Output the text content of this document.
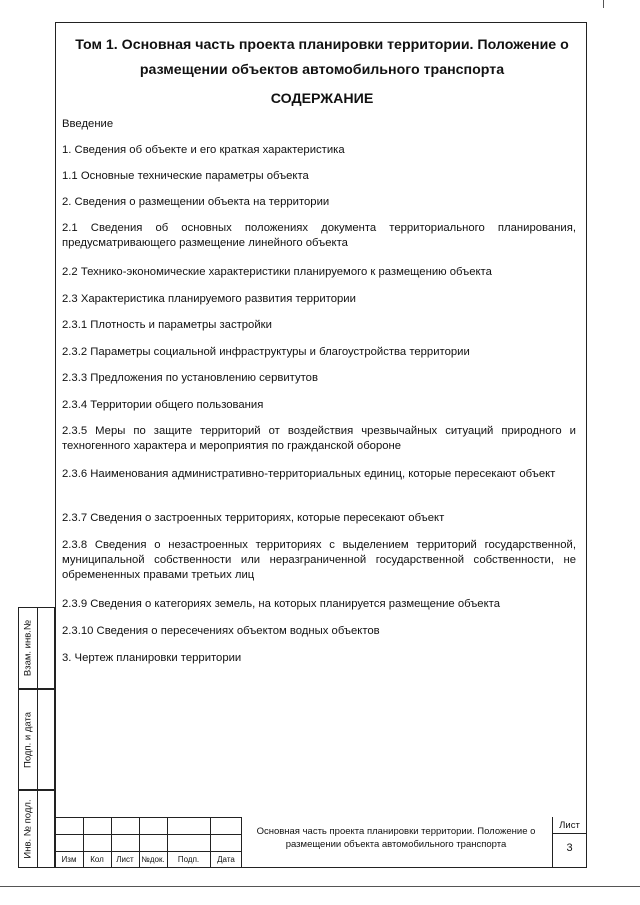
Том 1. Основная часть проекта планировки территории. Положение о
размещении объектов автомобильного транспорта
СОДЕРЖАНИЕ

Введение

1. Сведения об объекте и его краткая характеристика

1.1 Основные технические параметры объекта

2. Сведения о размещении объекта на территории

2.1 Сведения об основных положениях документа территориального планирования, предусматривающего размещение линейного объекта

2.2 Технико-экономические характеристики планируемого к размещению объекта

2.3 Характеристика планируемого развития территории

2.3.1 Плотность и параметры застройки

2.3.2 Параметры социальной инфраструктуры и благоустройства территории

2.3.3 Предложения по установлению сервитутов

2.3.4 Территории общего пользования

2.3.5 Меры по защите территорий от воздействия чрезвычайных ситуаций природного и техногенного характера и мероприятия по гражданской обороне

2.3.6 Наименования административно-территориальных единиц, которые пересекают объект

2.3.7 Сведения о застроенных территориях, которые пересекают объект

2.3.8 Сведения о незастроенных территориях с выделением территорий государственной, муниципальной собственности или неразграниченной государственной собственности, не обремененных правами третьих лиц

2.3.9 Сведения о категориях земель, на которых планируется размещение объекта

2.3.10 Сведения о пересечениях объектом водных объектов

3. Чертеж планировки территории

Взам. инв.№
Подп. и дата
Инв. № подл.
Изм	Кол	Лист №док.	Подп.	Дата
Основная часть проекта планировки территории. Положение о размещении объекта автомобильного транспорта
Лист
3
